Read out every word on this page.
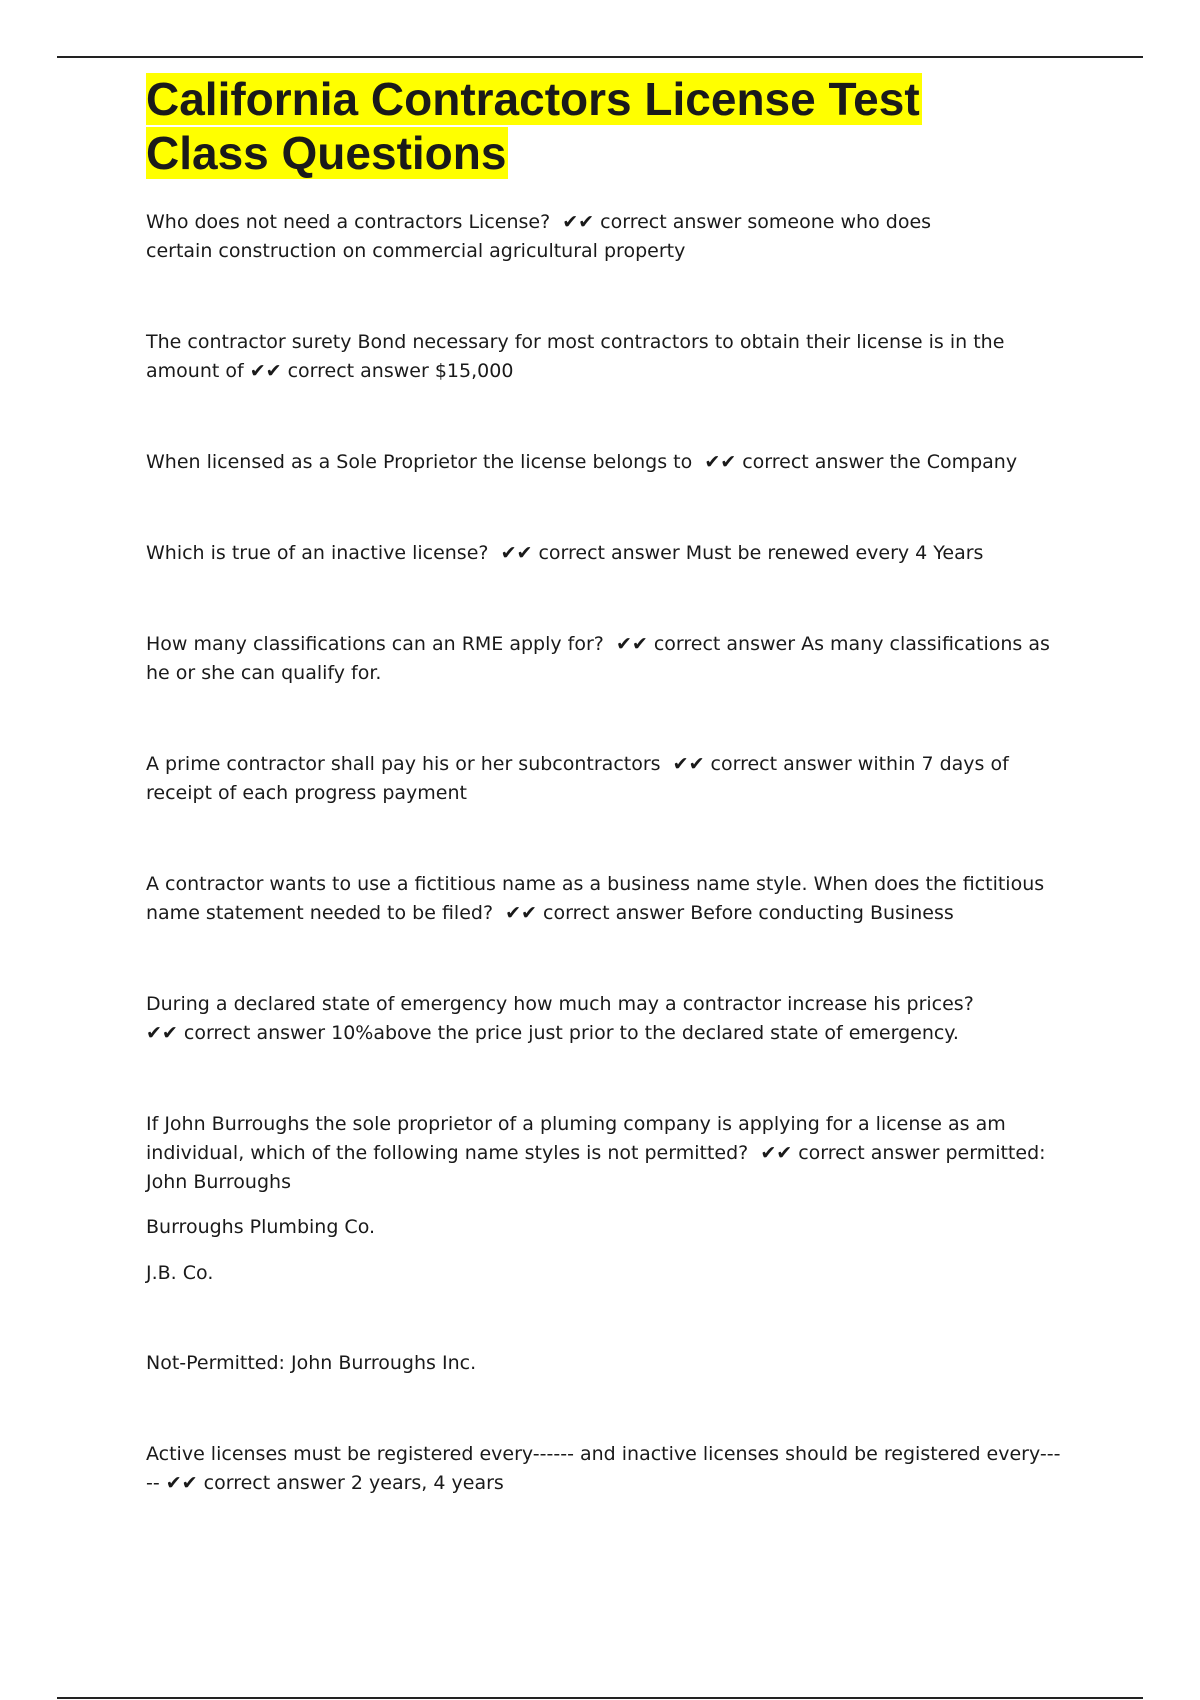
California Contractors License Test Class Questions

Who does not need a contractors License? ✔✔ correct answer someone who does certain construction on commercial agricultural property

The contractor surety Bond necessary for most contractors to obtain their license is in the amount of ✔✔ correct answer $15,000

When licensed as a Sole Proprietor the license belongs to ✔✔ correct answer the Company

Which is true of an inactive license? ✔✔ correct answer Must be renewed every 4 Years

How many classifications can an RME apply for? ✔✔ correct answer As many classifications as he or she can qualify for.

A prime contractor shall pay his or her subcontractors ✔✔ correct answer within 7 days of receipt of each progress payment

A contractor wants to use a fictitious name as a business name style. When does the fictitious name statement needed to be filed? ✔✔ correct answer Before conducting Business

During a declared state of emergency how much may a contractor increase his prices?  ✔✔ correct answer 10%above the price just prior to the declared state of emergency.

If John Burroughs the sole proprietor of a pluming company is applying for a license as am individual, which of the following name styles is not permitted? ✔✔ correct answer permitted: John Burroughs

Burroughs Plumbing Co.

J.B. Co.

Not-Permitted: John Burroughs Inc.

Active licenses must be registered every------ and inactive licenses should be registered every----- ✔✔ correct answer 2 years, 4 years
